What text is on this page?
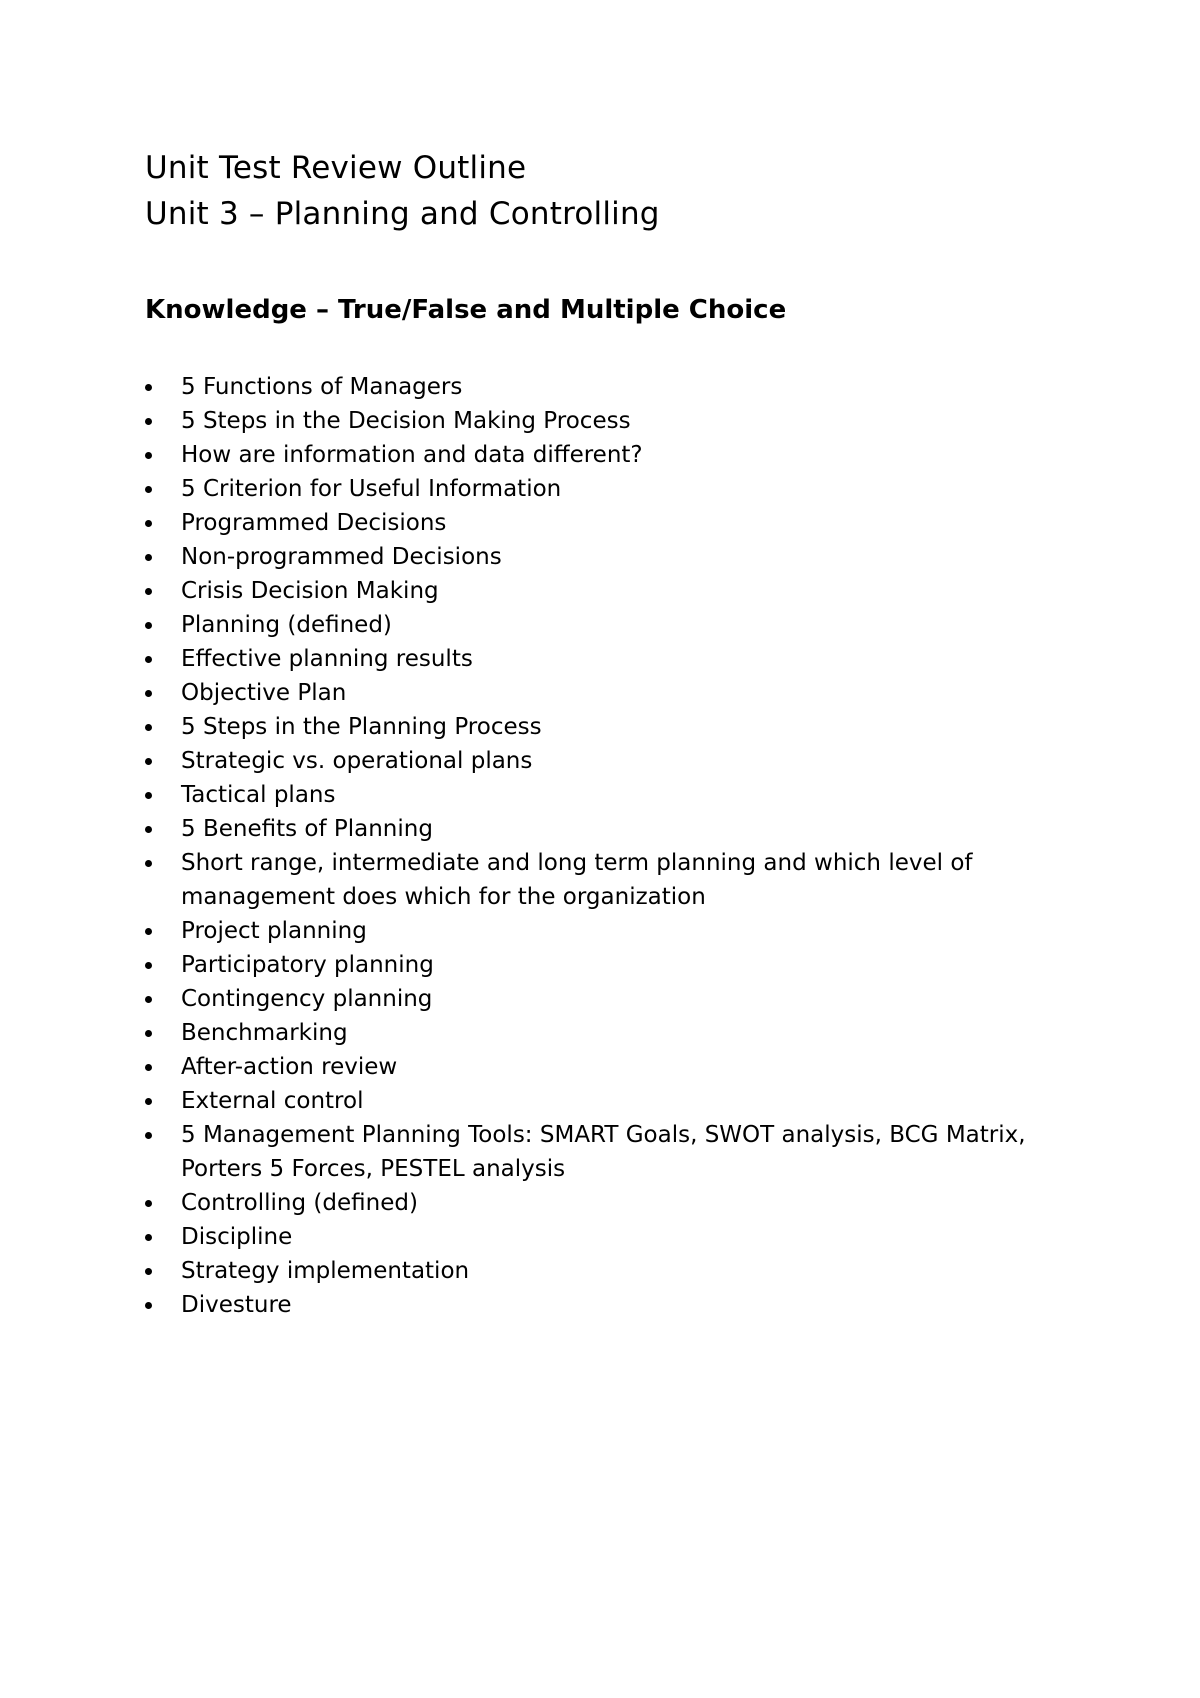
Unit Test Review Outline

Unit 3 – Planning and Controlling

Knowledge – True/False and Multiple Choice

5 Functions of Managers
5 Steps in the Decision Making Process
How are information and data different?
5 Criterion for Useful Information
Programmed Decisions
Non-programmed Decisions
Crisis Decision Making
Planning (defined)
Effective planning results
Objective Plan
5 Steps in the Planning Process
Strategic vs. operational plans
Tactical plans
5 Benefits of Planning
Short range, intermediate and long term planning and which level of management does which for the organization
Project planning
Participatory planning
Contingency planning
Benchmarking
After-action review
External control
5 Management Planning Tools: SMART Goals, SWOT analysis, BCG Matrix, Porters 5 Forces, PESTEL analysis
Controlling (defined)
Discipline
Strategy implementation
Divesture
